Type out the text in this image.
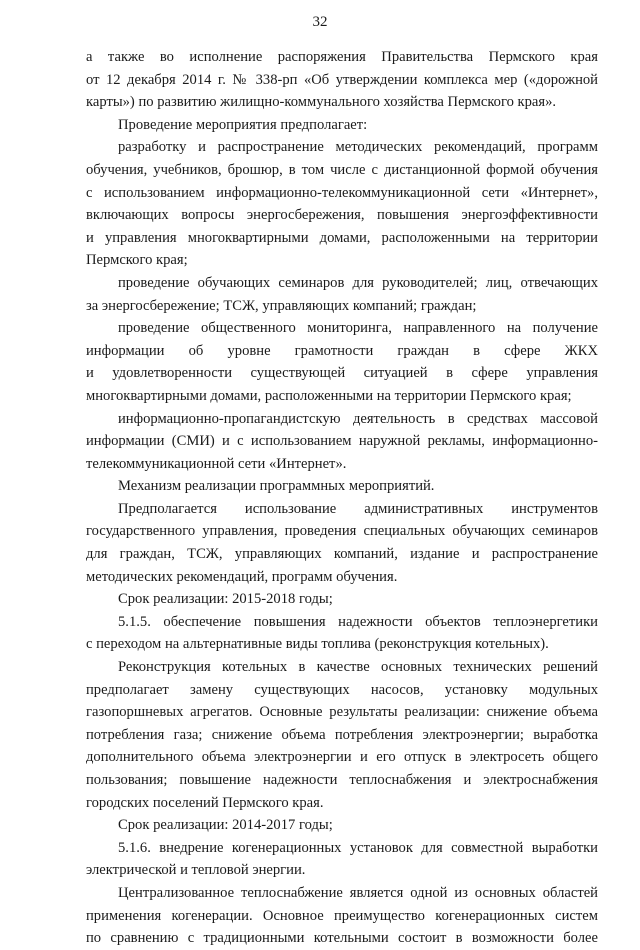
32
а также во исполнение распоряжения Правительства Пермского края
от 12 декабря 2014 г. № 338-рп «Об утверждении комплекса мер («дорожной
карты») по развитию жилищно-коммунального хозяйства Пермского края».
Проведение мероприятия предполагает:
разработку и распространение методических рекомендаций, программ
обучения, учебников, брошюр, в том числе с дистанционной формой обучения
с использованием информационно-телекоммуникационной сети «Интернет»,
включающих вопросы энергосбережения, повышения энергоэффективности
и управления многоквартирными домами, расположенными на территории
Пермского края;
проведение обучающих семинаров для руководителей; лиц, отвечающих
за энергосбережение; ТСЖ, управляющих компаний; граждан;
проведение общественного мониторинга, направленного на получение
информации об уровне грамотности граждан в сфере ЖКХ
и удовлетворенности существующей ситуацией в сфере управления
многоквартирными домами, расположенными на территории Пермского края;
информационно-пропагандистскую деятельность в средствах массовой
информации (СМИ) и с использованием наружной рекламы, информационно-
телекоммуникационной сети «Интернет».
Механизм реализации программных мероприятий.
Предполагается использование административных инструментов
государственного управления, проведения специальных обучающих семинаров
для граждан, ТСЖ, управляющих компаний, издание и распространение
методических рекомендаций, программ обучения.
Срок реализации: 2015-2018 годы;
5.1.5. обеспечение повышения надежности объектов теплоэнергетики
с переходом на альтернативные виды топлива (реконструкция котельных).
Реконструкция котельных в качестве основных технических решений
предполагает замену существующих насосов, установку модульных
газопоршневых агрегатов. Основные результаты реализации: снижение объема
потребления газа; снижение объема потребления электроэнергии; выработка
дополнительного объема электроэнергии и его отпуск в электросеть общего
пользования; повышение надежности теплоснабжения и электроснабжения
городских поселений Пермского края.
Срок реализации: 2014-2017 годы;
5.1.6. внедрение когенерационных установок для совместной выработки
электрической и тепловой энергии.
Централизованное теплоснабжение является одной из основных областей
применения когенерации. Основное преимущество когенерационных систем
по сравнению с традиционными котельными состоит в возможности более
